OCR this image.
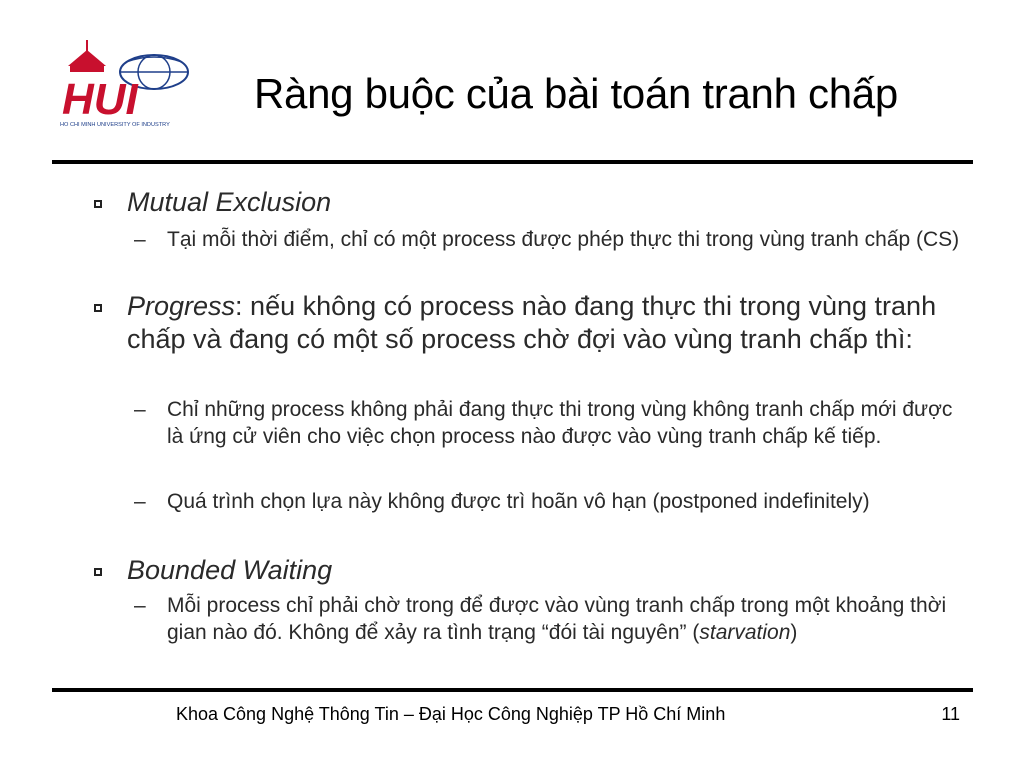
HUI
HO CHI MINH UNIVERSITY OF INDUSTRY
Ràng buộc của bài toán tranh chấp
Mutual Exclusion
– Tại mỗi thời điểm, chỉ có một process được phép thực thi trong vùng tranh chấp (CS)
Progress: nếu không có process nào đang thực thi trong vùng tranh chấp và đang có một số process chờ đợi vào vùng tranh chấp thì:
– Chỉ những process không phải đang thực thi trong vùng không tranh chấp mới được là ứng cử viên cho việc chọn process nào được vào vùng tranh chấp kế tiếp.
– Quá trình chọn lựa này không được trì hoãn vô hạn (postponed indefinitely)
Bounded Waiting
– Mỗi process chỉ phải chờ trong để được vào vùng tranh chấp trong một khoảng thời gian nào đó. Không để xảy ra tình trạng “đói tài nguyên” (starvation)
Khoa Công Nghệ Thông Tin – Đại Học Công Nghiệp TP Hồ Chí Minh	11
